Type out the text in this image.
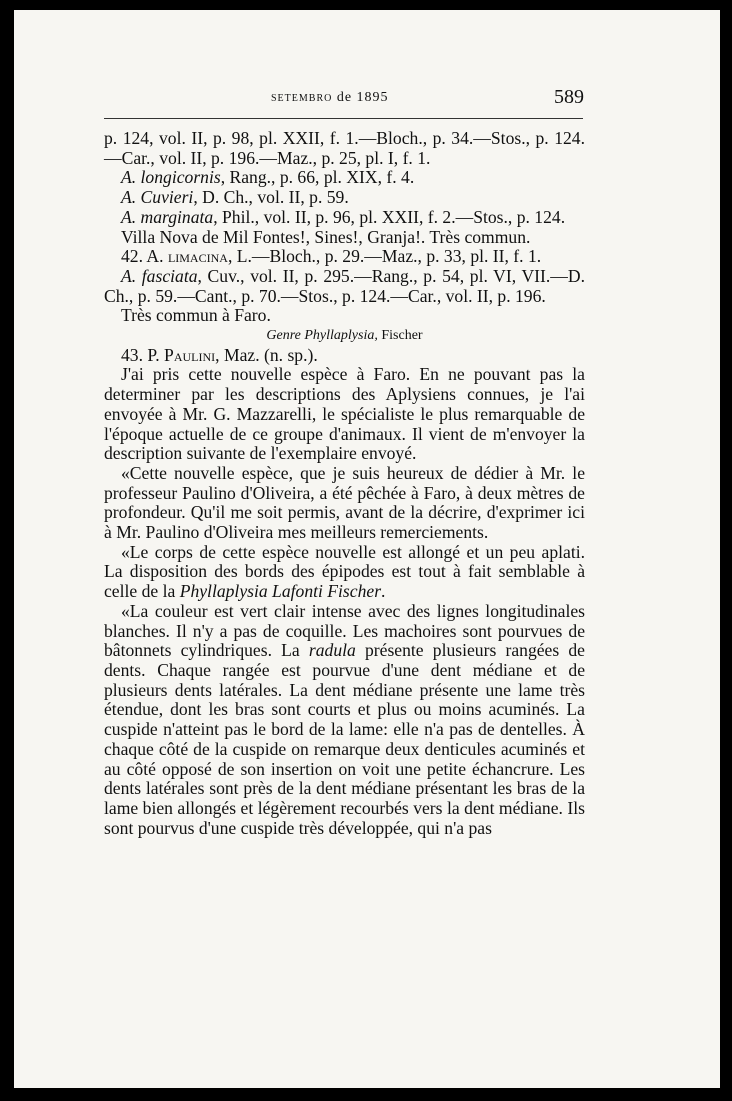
setembro de 1895	589

p. 124, vol. II, p. 98, pl. XXII, f. 1.—Bloch., p. 34.—Stos., p. 124.—Car., vol. II, p. 196.—Maz., p. 25, pl. I, f. 1.

A. longicornis, Rang., p. 66, pl. XIX, f. 4.

A. Cuvieri, D. Ch., vol. II, p. 59.

A. marginata, Phil., vol. II, p. 96, pl. XXII, f. 2.—Stos., p. 124.

Villa Nova de Mil Fontes!, Sines!, Granja!. Très commun.

42. A. limacina, L.—Bloch., p. 29.—Maz., p. 33, pl. II, f. 1.

A. fasciata, Cuv., vol. II, p. 295.—Rang., p. 54, pl. VI, VII.—D. Ch., p. 59.—Cant., p. 70.—Stos., p. 124.—Car., vol. II, p. 196.

Très commun à Faro.

Genre Phyllaplysia, Fischer

43. P. Paulini, Maz. (n. sp.).

J'ai pris cette nouvelle espèce à Faro. En ne pouvant pas la determiner par les descriptions des Aplysiens connues, je l'ai envoyée à Mr. G. Mazzarelli, le spécialiste le plus remarquable de l'époque actuelle de ce groupe d'animaux. Il vient de m'envoyer la description suivante de l'exemplaire envoyé.

«Cette nouvelle espèce, que je suis heureux de dédier à Mr. le professeur Paulino d'Oliveira, a été pêchée à Faro, à deux mètres de profondeur. Qu'il me soit permis, avant de la décrire, d'exprimer ici à Mr. Paulino d'Oliveira mes meilleurs remerciements.

«Le corps de cette espèce nouvelle est allongé et un peu aplati. La disposition des bords des épipodes est tout à fait semblable à celle de la Phyllaplysia Lafonti Fischer.

«La couleur est vert clair intense avec des lignes longitudinales blanches. Il n'y a pas de coquille. Les machoires sont pourvues de bâtonnets cylindriques. La radula présente plusieurs rangées de dents. Chaque rangée est pourvue d'une dent médiane et de plusieurs dents latérales. La dent médiane présente une lame très étendue, dont les bras sont courts et plus ou moins acuminés. La cuspide n'atteint pas le bord de la lame: elle n'a pas de dentelles. À chaque côté de la cuspide on remarque deux denticules acuminés et au côté opposé de son insertion on voit une petite échancrure. Les dents latérales sont près de la dent médiane présentant les bras de la lame bien allongés et légèrement recourbés vers la dent médiane. Ils sont pourvus d'une cuspide très développée, qui n'a pas
